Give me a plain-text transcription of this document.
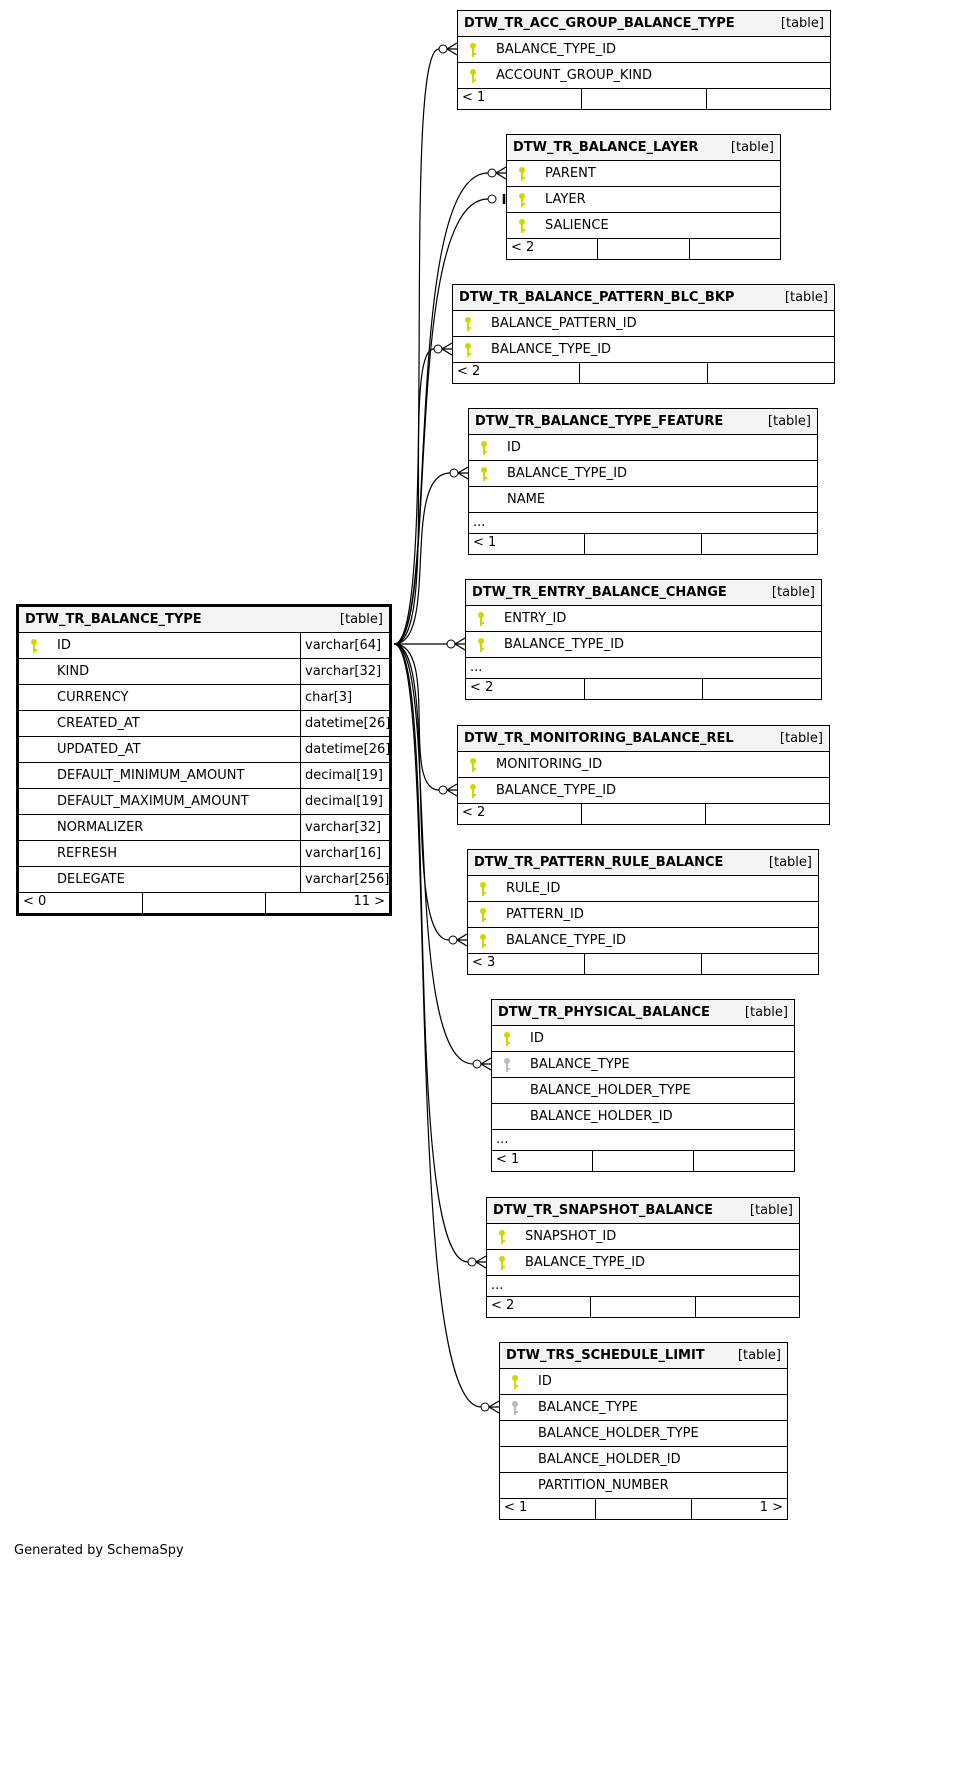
DTW_TR_BALANCE_TYPE	[table]
ID	varchar[64]
KIND	varchar[32]
CURRENCY	char[3]
CREATED_AT	datetime[26]
UPDATED_AT	datetime[26]
DEFAULT_MINIMUM_AMOUNT	decimal[19]
DEFAULT_MAXIMUM_AMOUNT	decimal[19]
NORMALIZER	varchar[32]
REFRESH	varchar[16]
DELEGATE	varchar[256]
< 0	11 >
DTW_TR_ACC_GROUP_BALANCE_TYPE	[table]
BALANCE_TYPE_ID
ACCOUNT_GROUP_KIND
< 1
DTW_TR_BALANCE_LAYER	[table]
PARENT
LAYER
SALIENCE
< 2
DTW_TR_BALANCE_PATTERN_BLC_BKP	[table]
BALANCE_PATTERN_ID
BALANCE_TYPE_ID
< 2
DTW_TR_BALANCE_TYPE_FEATURE	[table]
ID
BALANCE_TYPE_ID
NAME
...
< 1
DTW_TR_ENTRY_BALANCE_CHANGE	[table]
ENTRY_ID
BALANCE_TYPE_ID
...
< 2
DTW_TR_MONITORING_BALANCE_REL	[table]
MONITORING_ID
BALANCE_TYPE_ID
< 2
DTW_TR_PATTERN_RULE_BALANCE	[table]
RULE_ID
PATTERN_ID
BALANCE_TYPE_ID
< 3
DTW_TR_PHYSICAL_BALANCE	[table]
ID
BALANCE_TYPE
BALANCE_HOLDER_TYPE
BALANCE_HOLDER_ID
...
< 1
DTW_TR_SNAPSHOT_BALANCE	[table]
SNAPSHOT_ID
BALANCE_TYPE_ID
...
< 2
DTW_TRS_SCHEDULE_LIMIT	[table]
ID
BALANCE_TYPE
BALANCE_HOLDER_TYPE
BALANCE_HOLDER_ID
PARTITION_NUMBER
< 1	1 >
Generated by SchemaSpy
